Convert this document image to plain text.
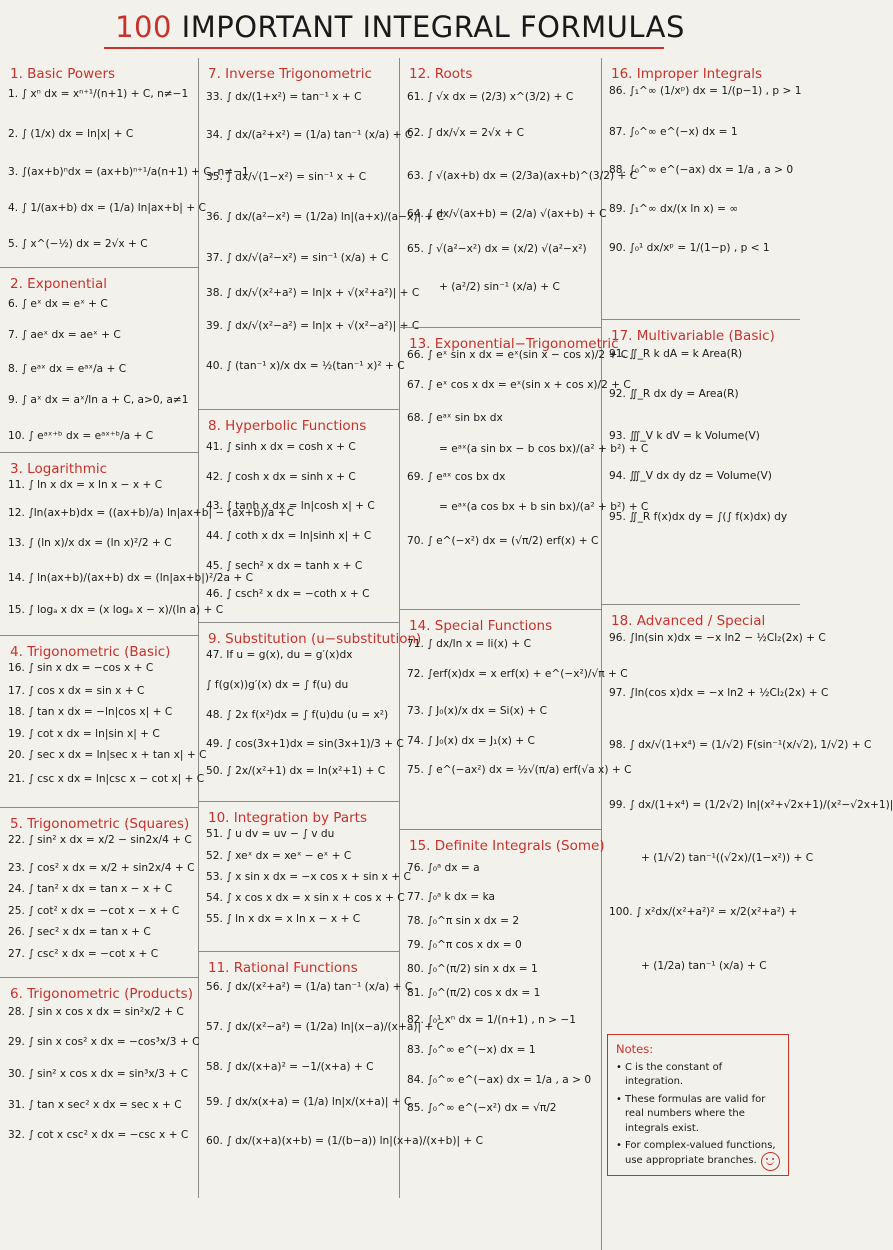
100 IMPORTANT INTEGRAL FORMULAS
1. Basic Powers
1. ∫ xⁿ dx = xⁿ⁺¹/(n+1) + C, n≠−1
2. ∫ (1/x) dx = ln|x| + C
3. ∫(ax+b)ⁿdx = (ax+b)ⁿ⁺¹/a(n+1) + C, n≠−1
4. ∫ 1/(ax+b) dx = (1/a) ln|ax+b| + C
5. ∫ x^(−½) dx = 2√x + C
2. Exponential
6. ∫ eˣ dx = eˣ + C
7. ∫ aeˣ dx = aeˣ + C
8. ∫ eᵃˣ dx = eᵃˣ/a + C
9. ∫ aˣ dx = aˣ/ln a + C, a>0, a≠1
10. ∫ eᵃˣ⁺ᵇ dx = eᵃˣ⁺ᵇ/a + C
3. Logarithmic
11. ∫ ln x dx = x ln x − x + C
12. ∫ln(ax+b)dx = ((ax+b)/a) ln|ax+b| − (ax+b)/a +C
13. ∫ (ln x)/x dx = (ln x)²/2 + C
14. ∫ ln(ax+b)/(ax+b) dx = (ln|ax+b|)²/2a + C
15. ∫ logₐ x dx = (x logₐ x − x)/(ln a) + C
4. Trigonometric (Basic)
16. ∫ sin x dx = −cos x + C
17. ∫ cos x dx = sin x + C
18. ∫ tan x dx = −ln|cos x| + C
19. ∫ cot x dx = ln|sin x| + C
20. ∫ sec x dx = ln|sec x + tan x| + C
21. ∫ csc x dx = ln|csc x − cot x| + C
5. Trigonometric (Squares)
22. ∫ sin² x dx = x/2 − sin2x/4 + C
23. ∫ cos² x dx = x/2 + sin2x/4 + C
24. ∫ tan² x dx = tan x − x + C
25. ∫ cot² x dx = −cot x − x + C
26. ∫ sec² x dx = tan x + C
27. ∫ csc² x dx = −cot x + C
6. Trigonometric (Products)
28. ∫ sin x cos x dx = sin²x/2 + C
29. ∫ sin x cos² x dx = −cos³x/3 + C
30. ∫ sin² x cos x dx = sin³x/3 + C
31. ∫ tan x sec² x dx = sec x + C
32. ∫ cot x csc² x dx = −csc x + C
7. Inverse Trigonometric
33. ∫ dx/(1+x²) = tan⁻¹ x + C
34. ∫ dx/(a²+x²) = (1/a) tan⁻¹ (x/a) + C
35. ∫ dx/√(1−x²) = sin⁻¹ x + C
36. ∫ dx/(a²−x²) = (1/2a) ln|(a+x)/(a−x)| + C
37. ∫ dx/√(a²−x²) = sin⁻¹ (x/a) + C
38. ∫ dx/√(x²+a²) = ln|x + √(x²+a²)| + C
39. ∫ dx/√(x²−a²) = ln|x + √(x²−a²)| + C
40. ∫ (tan⁻¹ x)/x dx = ½(tan⁻¹ x)² + C
8. Hyperbolic Functions
41. ∫ sinh x dx = cosh x + C
42. ∫ cosh x dx = sinh x + C
43. ∫ tanh x dx = ln|cosh x| + C
44. ∫ coth x dx = ln|sinh x| + C
45. ∫ sech² x dx = tanh x + C
46. ∫ csch² x dx = −coth x + C
9. Substitution (u−substitution)
47. If u = g(x), du = g′(x)dx
∫ f(g(x))g′(x) dx = ∫ f(u) du
48. ∫ 2x f(x²)dx = ∫ f(u)du (u = x²)
49. ∫ cos(3x+1)dx = sin(3x+1)/3 + C
50. ∫ 2x/(x²+1) dx = ln(x²+1) + C
10. Integration by Parts
51. ∫ u dv = uv − ∫ v du
52. ∫ xeˣ dx = xeˣ − eˣ + C
53. ∫ x sin x dx = −x cos x + sin x + C
54. ∫ x cos x dx = x sin x + cos x + C
55. ∫ ln x dx = x ln x − x + C
11. Rational Functions
56. ∫ dx/(x²+a²) = (1/a) tan⁻¹ (x/a) + C
57. ∫ dx/(x²−a²) = (1/2a) ln|(x−a)/(x+a)| + C
58. ∫ dx/(x+a)² = −1/(x+a) + C
59. ∫ dx/x(x+a) = (1/a) ln|x/(x+a)| + C
60. ∫ dx/(x+a)(x+b) = (1/(b−a)) ln|(x+a)/(x+b)| + C
12. Roots
61. ∫ √x dx = (2/3) x^(3/2) + C
62. ∫ dx/√x = 2√x + C
63. ∫ √(ax+b) dx = (2/3a)(ax+b)^(3/2) + C
64. ∫ dx/√(ax+b) = (2/a) √(ax+b) + C
65. ∫ √(a²−x²) dx = (x/2) √(a²−x²)
+ (a²/2) sin⁻¹ (x/a) + C
13. Exponential−Trigonometric
66. ∫ eˣ sin x dx = eˣ(sin x − cos x)/2 + C
67. ∫ eˣ cos x dx = eˣ(sin x + cos x)/2 + C
68. ∫ eᵃˣ sin bx dx
= eᵃˣ(a sin bx − b cos bx)/(a² + b²) + C
69. ∫ eᵃˣ cos bx dx
= eᵃˣ(a cos bx + b sin bx)/(a² + b²) + C
70. ∫ e^(−x²) dx = (√π/2) erf(x) + C
14. Special Functions
71. ∫ dx/ln x = li(x) + C
72. ∫erf(x)dx = x erf(x) + e^(−x²)/√π + C
73. ∫ J₀(x)/x dx = Si(x) + C
74. ∫ J₀(x) dx = J₁(x) + C
75. ∫ e^(−ax²) dx = ½√(π/a) erf(√a x) + C
15. Definite Integrals (Some)
76. ∫₀ᵃ dx = a
77. ∫₀ᵃ k dx = ka
78. ∫₀^π sin x dx = 2
79. ∫₀^π cos x dx = 0
80. ∫₀^(π/2) sin x dx = 1
81. ∫₀^(π/2) cos x dx = 1
82. ∫₀¹ xⁿ dx = 1/(n+1) , n > −1
83. ∫₀^∞ e^(−x) dx = 1
84. ∫₀^∞ e^(−ax) dx = 1/a , a > 0
85. ∫₀^∞ e^(−x²) dx = √π/2
16. Improper Integrals
86. ∫₁^∞ (1/xᵖ) dx = 1/(p−1) , p > 1
87. ∫₀^∞ e^(−x) dx = 1
88. ∫₀^∞ e^(−ax) dx = 1/a , a > 0
89. ∫₁^∞ dx/(x ln x) = ∞
90. ∫₀¹ dx/xᵖ = 1/(1−p) , p < 1
17. Multivariable (Basic)
91. ∬_R k dA = k Area(R)
92. ∬_R dx dy = Area(R)
93. ∭_V k dV = k Volume(V)
94. ∭_V dx dy dz = Volume(V)
95. ∬_R f(x)dx dy = ∫(∫ f(x)dx) dy
18. Advanced / Special
96. ∫ln(sin x)dx = −x ln2 − ½Cl₂(2x) + C
97. ∫ln(cos x)dx = −x ln2 + ½Cl₂(2x) + C
98. ∫ dx/√(1+x⁴) = (1/√2) F(sin⁻¹(x/√2), 1/√2) + C
99. ∫ dx/(1+x⁴) = (1/2√2) ln|(x²+√2x+1)/(x²−√2x+1)|
+ (1/√2) tan⁻¹((√2x)/(1−x²)) + C
100. ∫ x²dx/(x²+a²)² = x/2(x²+a²) +
+ (1/2a) tan⁻¹ (x/a) + C
Notes:
• C is the constant of integration.
• These formulas are valid for real numbers where the integrals exist.
• For complex-valued functions, use appropriate branches.
